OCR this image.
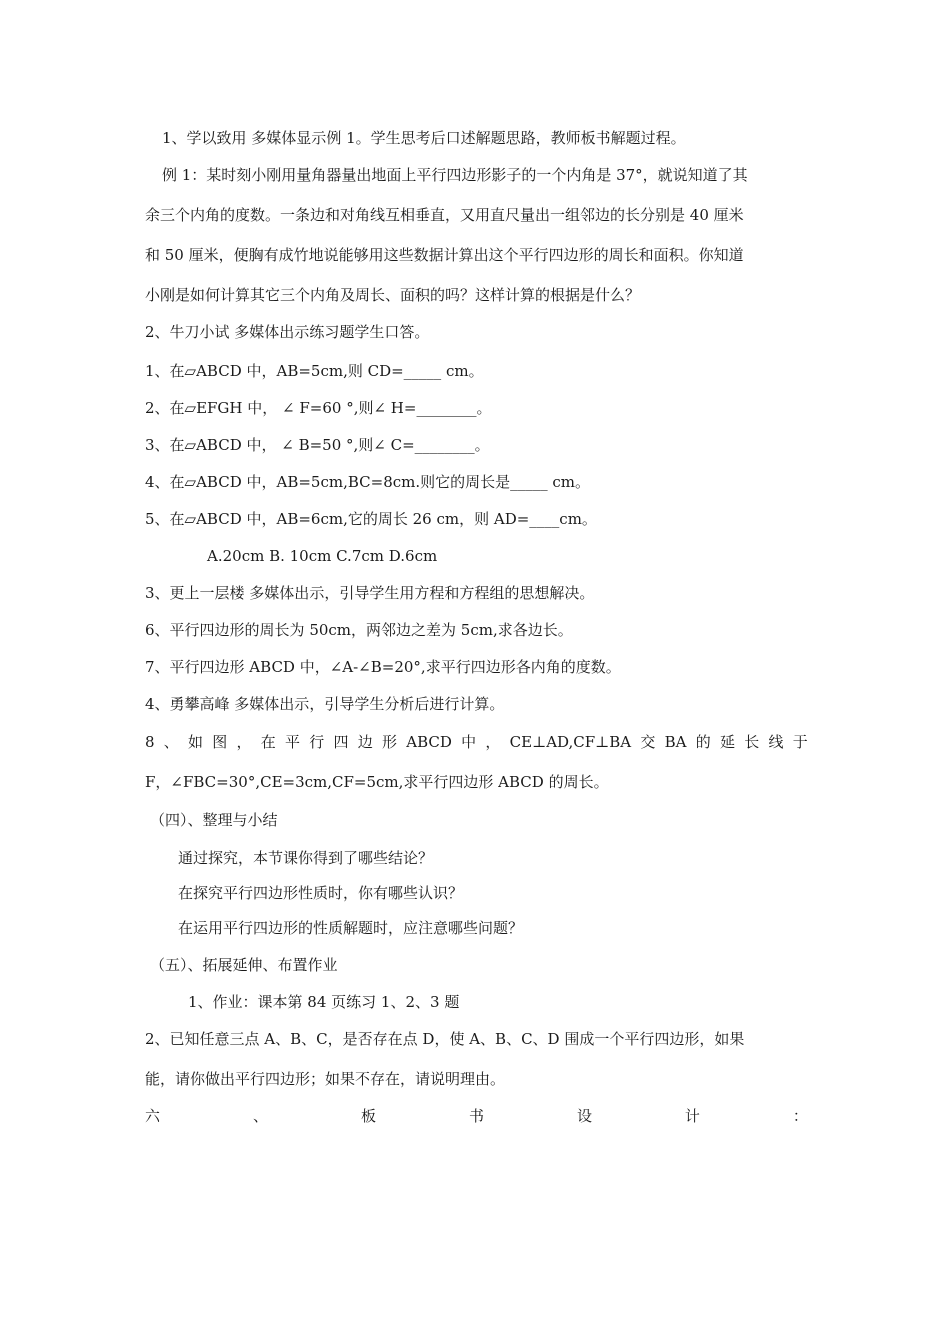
1、学以致用 多媒体显示例 1。学生思考后口述解题思路，教师板书解题过程。
例 1：某时刻小刚用量角器量出地面上平行四边形影子的一个内角是 37°，就说知道了其
余三个内角的度数。一条边和对角线互相垂直，又用直尺量出一组邻边的长分别是 40 厘米
和 50 厘米，便胸有成竹地说能够用这些数据计算出这个平行四边形的周长和面积。你知道
小刚是如何计算其它三个内角及周长、面积的吗？这样计算的根据是什么？
2、牛刀小试 多媒体出示练习题学生口答。
1、在▱ABCD 中，AB=5cm,则 CD=_____ cm。
2、在▱EFGH 中， ∠ F=60 °,则∠ H=________。
3、在▱ABCD 中， ∠ B=50 °,则∠ C=________。
4、在▱ABCD 中，AB=5cm,BC=8cm.则它的周长是_____ cm。
5、在▱ABCD 中，AB=6cm,它的周长 26 cm，则 AD=____cm。
A.20cm B. 10cm C.7cm D.6cm
3、更上一层楼 多媒体出示，引导学生用方程和方程组的思想解决。
6、平行四边形的周长为 50cm，两邻边之差为 5cm,求各边长。
7、平行四边形 ABCD 中，∠A-∠B=20°,求平行四边形各内角的度数。
4、勇攀高峰 多媒体出示，引导学生分析后进行计算。
8 、 如 图 ， 在 平 行 四 边 形 ABCD 中 ， CE⊥AD,CF⊥BA 交 BA 的 延 长 线 于
F，∠FBC=30°,CE=3cm,CF=5cm,求平行四边形 ABCD 的周长。
（四）、整理与小结
通过探究，本节课你得到了哪些结论？
在探究平行四边形性质时，你有哪些认识？
在运用平行四边形的性质解题时，应注意哪些问题？
（五）、拓展延伸、布置作业
1、作业：课本第 84 页练习 1、2、3 题
2、已知任意三点 A、B、C，是否存在点 D，使 A、B、C、D 围成一个平行四边形，如果
能，请你做出平行四边形；如果不存在，请说明理由。
六	、	板	书	设	计	：
